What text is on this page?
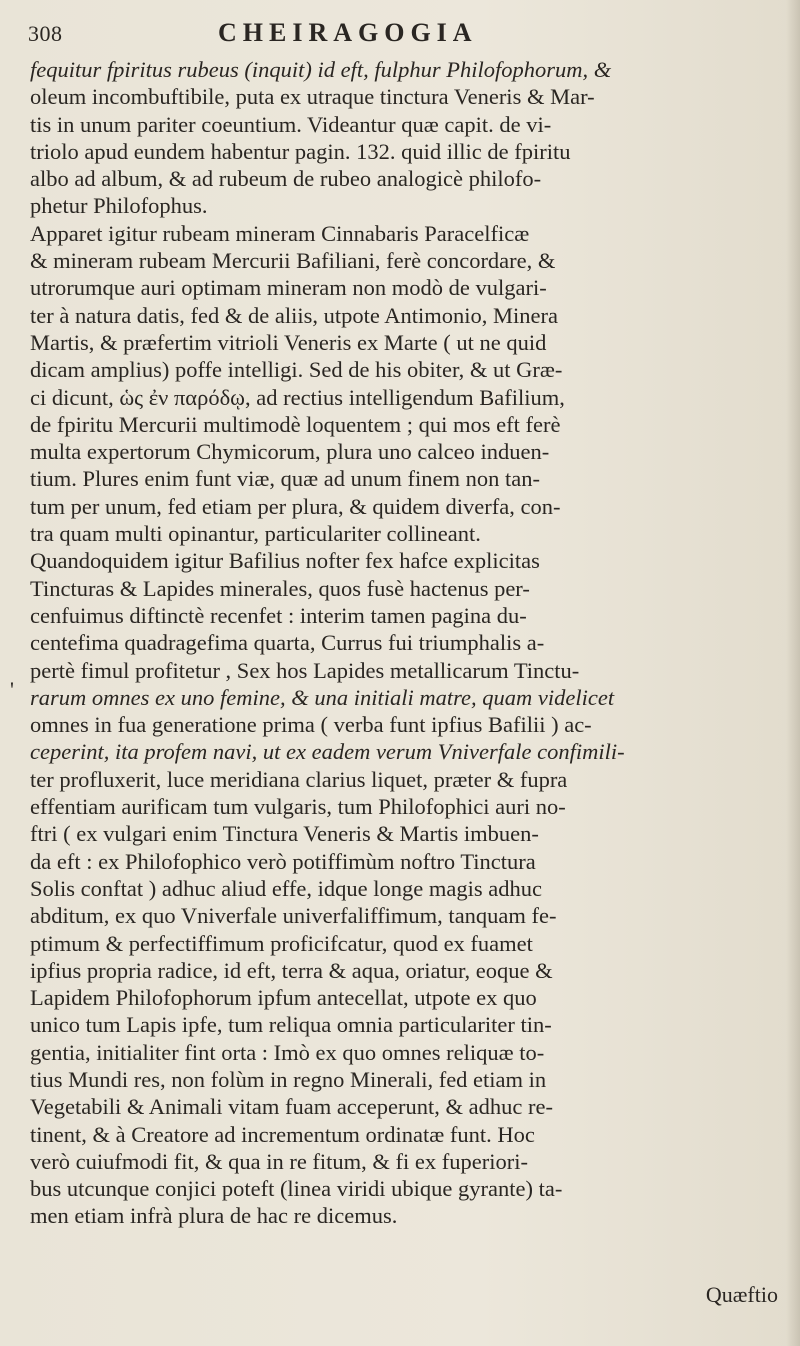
308	CHEIRAGOGIA
'
fequitur fpiritus rubeus (inquit) id eft, fulphur Philofophorum, &
oleum incombuftibile, puta ex utraque tinctura Veneris & Mar-
tis in unum pariter coeuntium. Videantur quæ capit. de vi-
triolo apud eundem habentur pagin. 132. quid illic de fpiritu
albo ad album, & ad rubeum de rubeo analogicè philofo-
phetur Philofophus.
Apparet igitur rubeam mineram Cinnabaris Paracelficæ
& mineram rubeam Mercurii Bafiliani, ferè concordare, &
utrorumque auri optimam mineram non modò de vulgari-
ter à natura datis, fed & de aliis, utpote Antimonio, Minera
Martis, & præfertim vitrioli Veneris ex Marte ( ut ne quid
dicam amplius) poffe intelligi. Sed de his obiter, & ut Græ-
ci dicunt, ὡς ἐν παρόδῳ, ad rectius intelligendum Bafilium,
de fpiritu Mercurii multimodè loquentem ; qui mos eft ferè
multa expertorum Chymicorum, plura uno calceo induen-
tium. Plures enim funt viæ, quæ ad unum finem non tan-
tum per unum, fed etiam per plura, & quidem diverfa, con-
tra quam multi opinantur, particulariter collineant.
Quandoquidem igitur Bafilius nofter fex hafce explicitas
Tincturas & Lapides minerales, quos fusè hactenus per-
cenfuimus diftinctè recenfet : interim tamen pagina du-
centefima quadragefima quarta, Currus fui triumphalis a-
pertè fimul profitetur , Sex hos Lapides metallicarum Tinctu-
rarum omnes ex uno femine, & una initiali matre, quam videlicet
omnes in fua generatione prima ( verba funt ipfius Bafilii ) ac-
ceperint, ita profem navi, ut ex eadem verum Vniverfale confimili-
ter profluxerit, luce meridiana clarius liquet, præter & fupra
effentiam aurificam tum vulgaris, tum Philofophici auri no-
ftri ( ex vulgari enim Tinctura Veneris & Martis imbuen-
da eft : ex Philofophico verò potiffimùm noftro Tinctura
Solis conftat ) adhuc aliud effe, idque longe magis adhuc
abditum, ex quo Vniverfale univerfaliffimum, tanquam fe-
ptimum & perfectiffimum proficifcatur, quod ex fuamet
ipfius propria radice, id eft, terra & aqua, oriatur, eoque &
Lapidem Philofophorum ipfum antecellat, utpote ex quo
unico tum Lapis ipfe, tum reliqua omnia particulariter tin-
gentia, initialiter fint orta : Imò ex quo omnes reliquæ to-
tius Mundi res, non folùm in regno Minerali, fed etiam in
Vegetabili & Animali vitam fuam acceperunt, & adhuc re-
tinent, & à Creatore ad incrementum ordinatæ funt. Hoc
verò cuiufmodi fit, & qua in re fitum, & fi ex fuperiori-
bus utcunque conjici poteft (linea viridi ubique gyrante) ta-
men etiam infrà plura de hac re dicemus.
Quæftio
